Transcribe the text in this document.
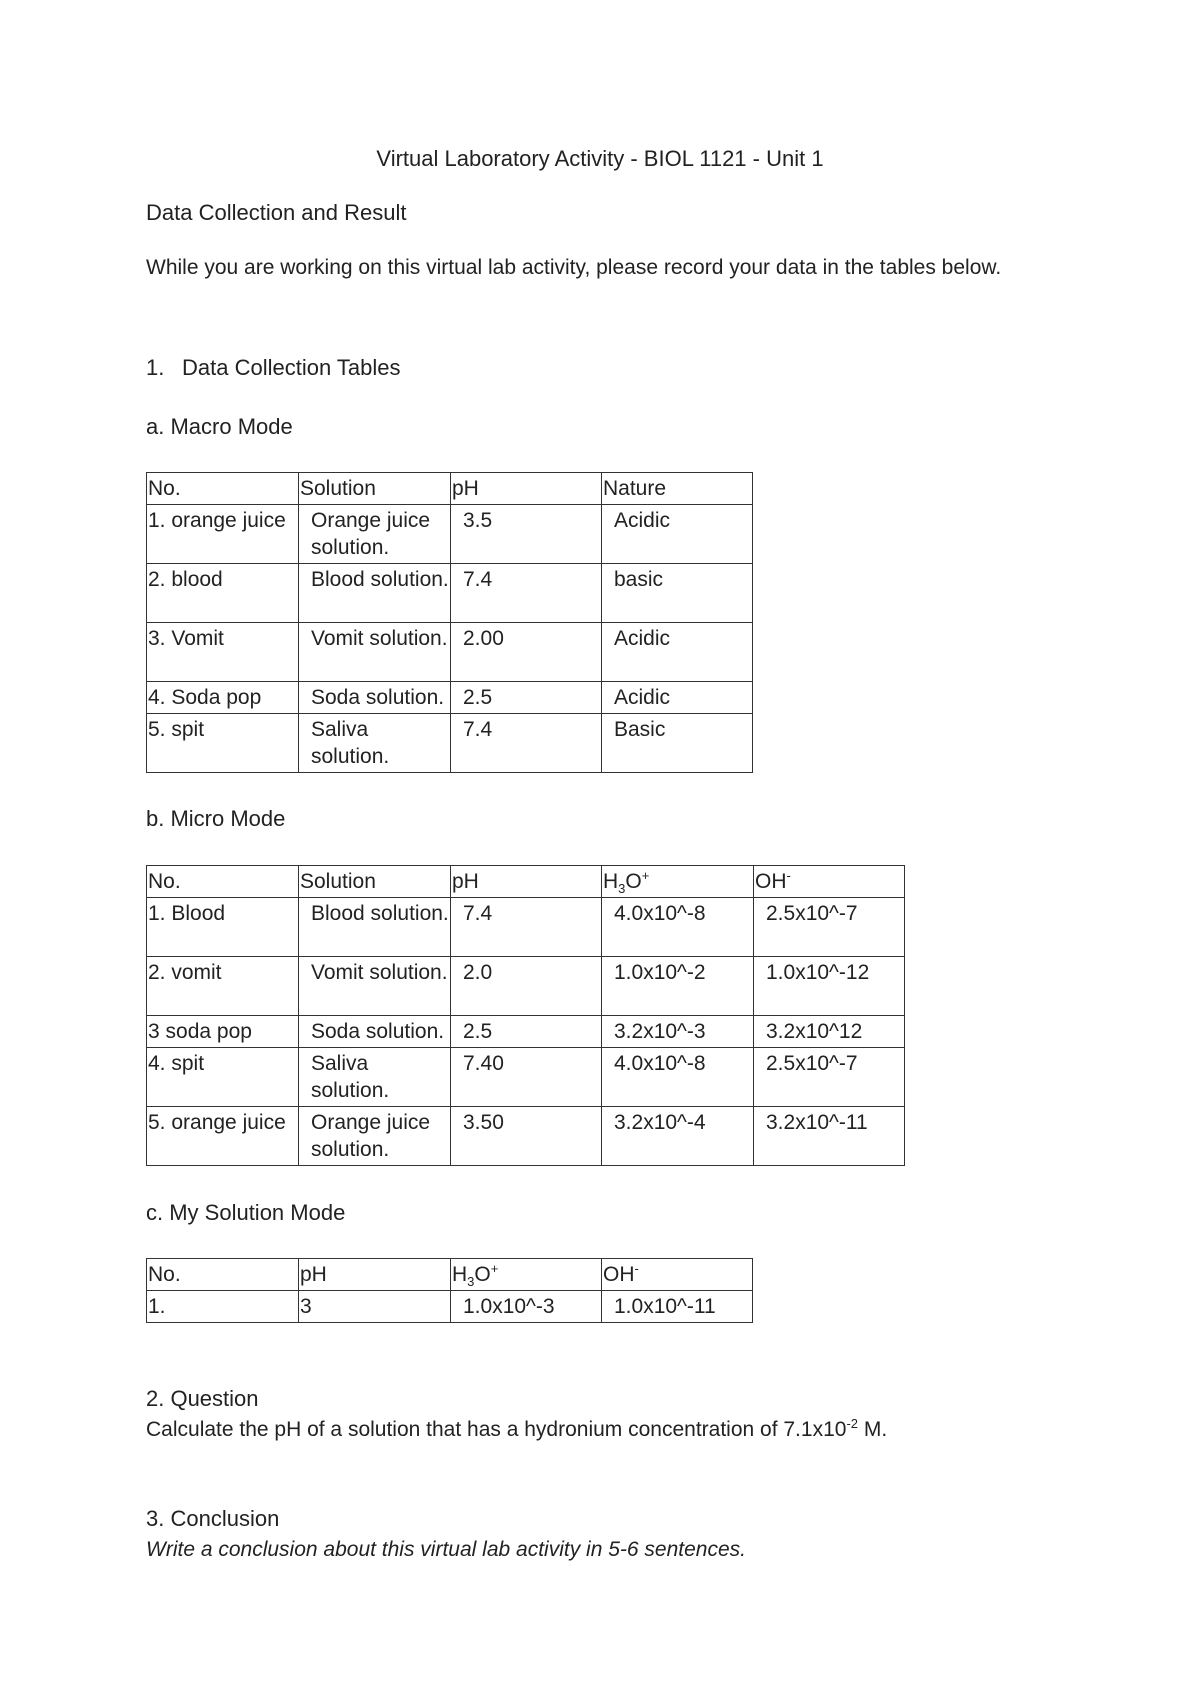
Virtual Laboratory Activity - BIOL 1121 - Unit 1
Data Collection and Result
While you are working on this virtual lab activity, please record your data in the tables below.
1. Data Collection Tables
a. Macro Mode
No.	Solution	pH	Nature
1. orange juice	Orange juice solution.	3.5	Acidic
2. blood	Blood solution.	7.4	basic
3. Vomit	Vomit solution.	2.00	Acidic
4. Soda pop	Soda solution.	2.5	Acidic
5. spit	Saliva solution.	7.4	Basic
b. Micro Mode
No.	Solution	pH	$H_3O^+$	OH-
1. Blood	Blood solution.	7.4	4.0x10^-8	2.5x10^-7
2. vomit	Vomit solution.	2.0	1.0x10^-2	1.0x10^-12
3 soda pop	Soda solution.	2.5	3.2x10^-3	3.2x10^12
4. spit	Saliva solution.	7.40	4.0x10^-8	2.5x10^-7
5. orange juice	Orange juice solution.	3.50	3.2x10^-4	3.2x10^-11
c. My Solution Mode
No.	pH	$H_3O^+$	OH-
1.	3	1.0x10^-3	1.0x10^-11
2. Question
Calculate the pH of a solution that has a hydronium concentration of $7.1x10^{-2}$ M.
3. Conclusion
Write a conclusion about this virtual lab activity in 5-6 sentences.
